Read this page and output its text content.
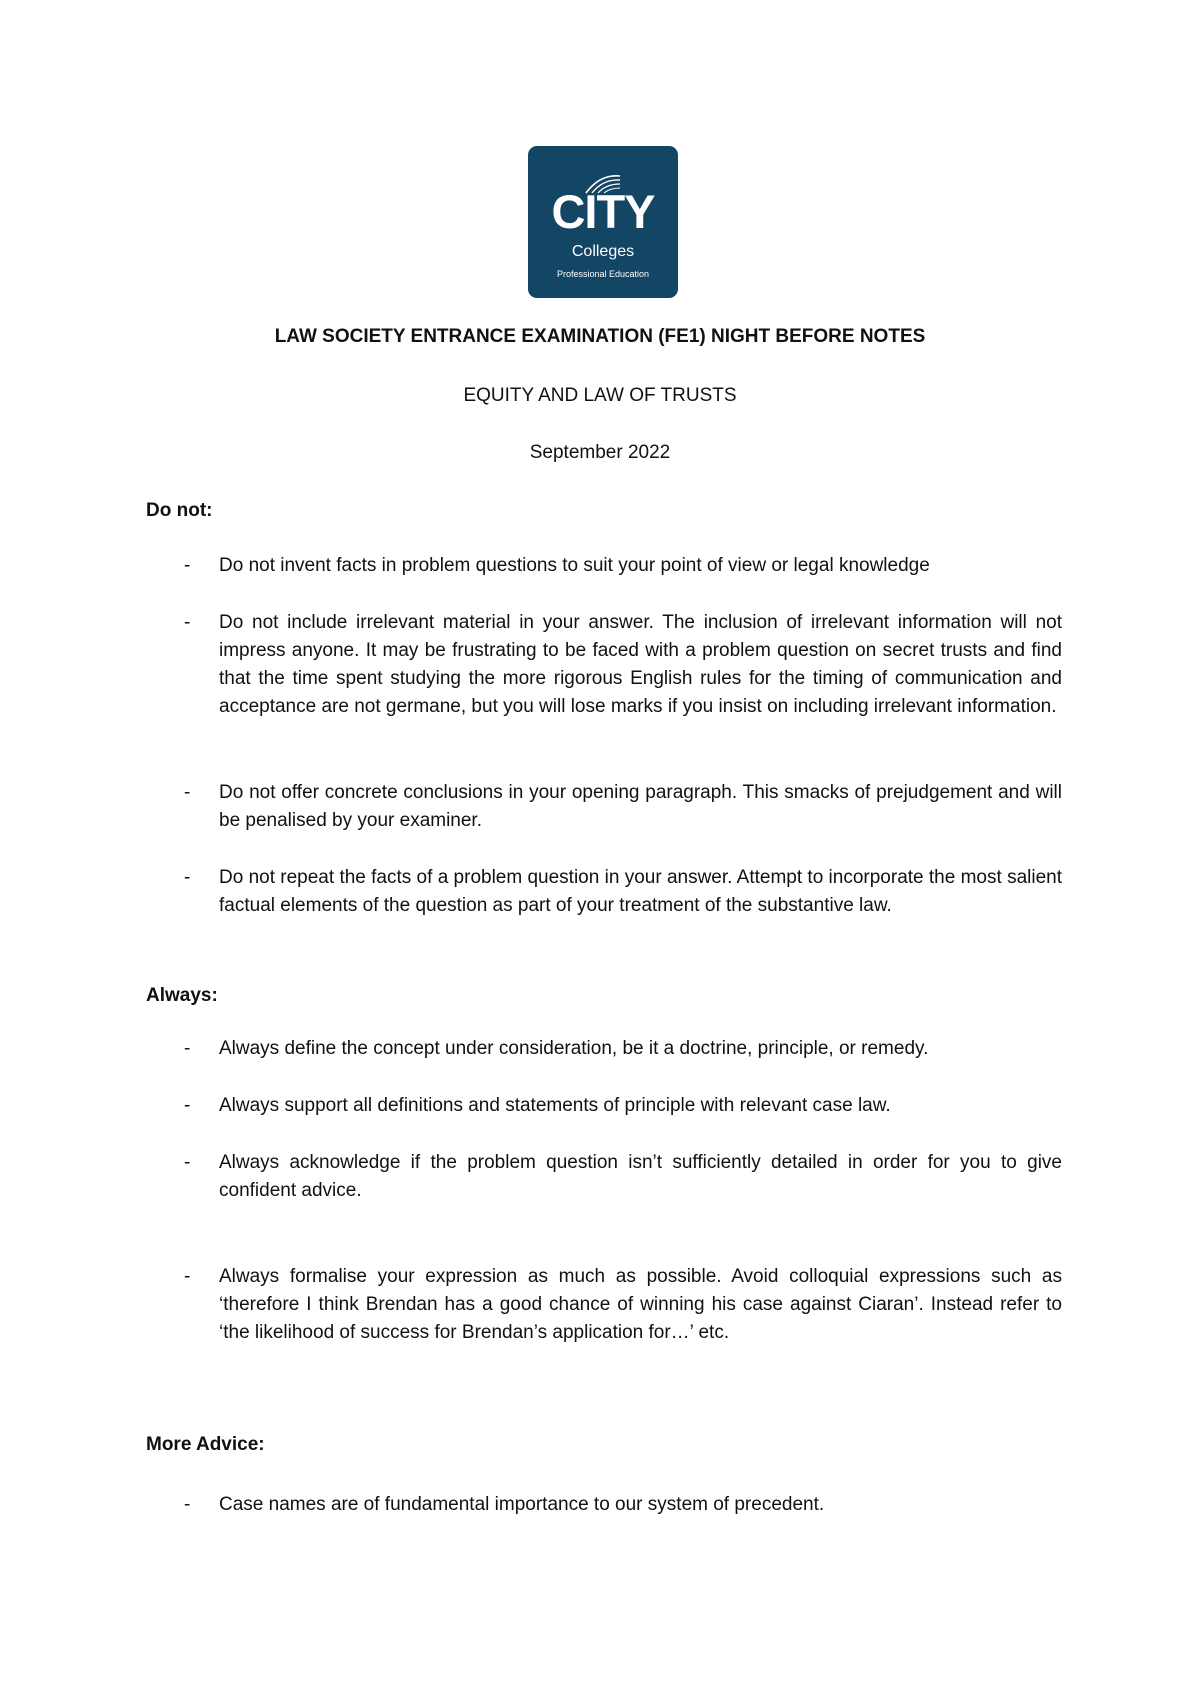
CITY
Colleges
Professional Education
LAW SOCIETY ENTRANCE EXAMINATION (FE1) NIGHT BEFORE NOTES
EQUITY AND LAW OF TRUSTS
September 2022
Do not:
- Do not invent facts in problem questions to suit your point of view or legal knowledge
- Do not include irrelevant material in your answer. The inclusion of irrelevant information will not impress anyone. It may be frustrating to be faced with a problem question on secret trusts and find that the time spent studying the more rigorous English rules for the timing of communication and acceptance are not germane, but you will lose marks if you insist on including irrelevant information.
- Do not offer concrete conclusions in your opening paragraph. This smacks of prejudgement and will be penalised by your examiner.
- Do not repeat the facts of a problem question in your answer. Attempt to incorporate the most salient factual elements of the question as part of your treatment of the substantive law.
Always:
- Always define the concept under consideration, be it a doctrine, principle, or remedy.
- Always support all definitions and statements of principle with relevant case law.
- Always acknowledge if the problem question isn’t sufficiently detailed in order for you to give confident advice.
- Always formalise your expression as much as possible. Avoid colloquial expressions such as ‘therefore I think Brendan has a good chance of winning his case against Ciaran’. Instead refer to ‘the likelihood of success for Brendan’s application for…’ etc.
More Advice:
- Case names are of fundamental importance to our system of precedent.
